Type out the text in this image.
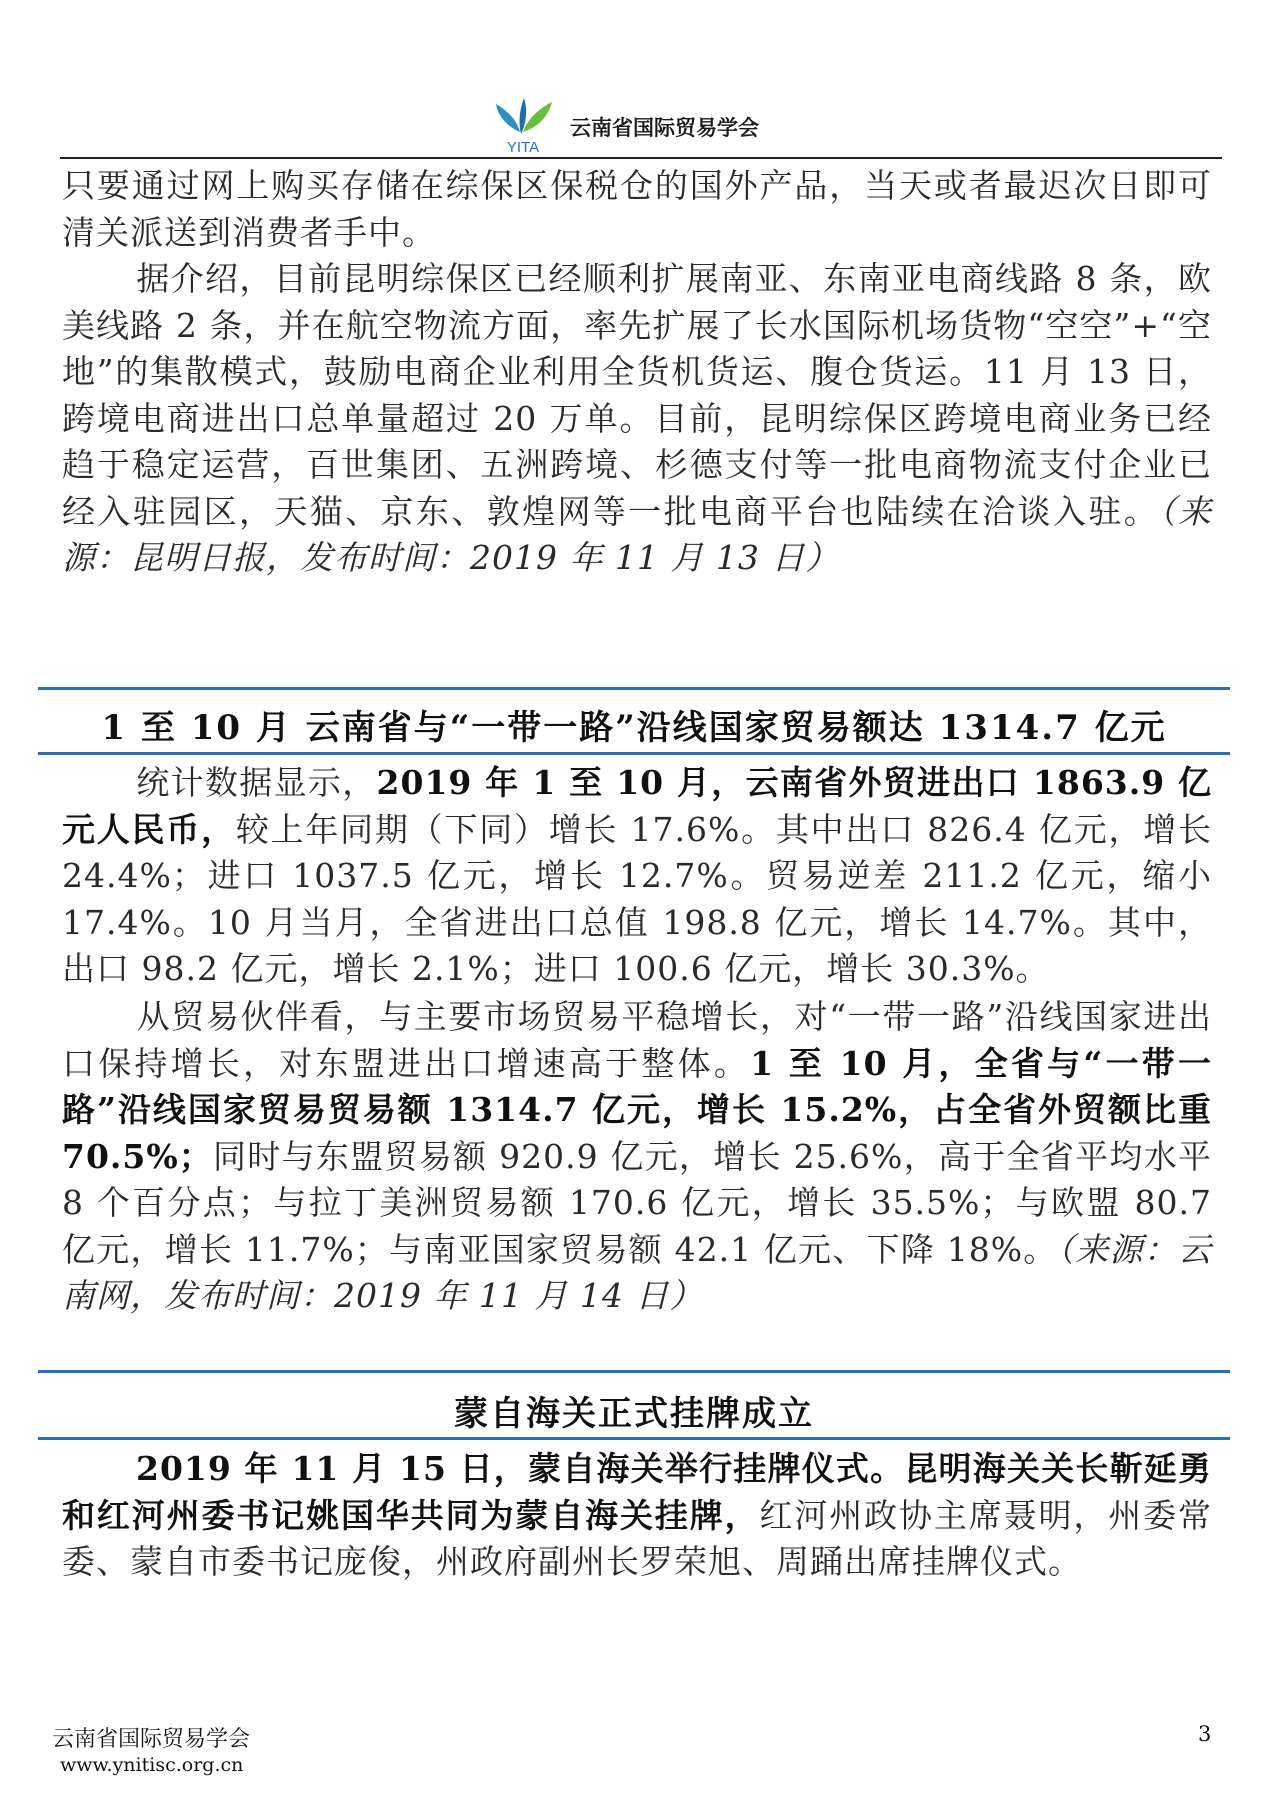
YITA
云南省国际贸易学会

只要通过网上购买存储在综保区保税仓的国外产品，当天或者最迟次日即可清关派送到消费者手中。

据介绍，目前昆明综保区已经顺利扩展南亚、东南亚电商线路 8 条，欧美线路 2 条，并在航空物流方面，率先扩展了长水国际机场货物“空空”+“空地”的集散模式，鼓励电商企业利用全货机货运、腹仓货运。11 月 13 日，跨境电商进出口总单量超过 20 万单。目前，昆明综保区跨境电商业务已经趋于稳定运营，百世集团、五洲跨境、杉德支付等一批电商物流支付企业已经入驻园区，天猫、京东、敦煌网等一批电商平台也陆续在洽谈入驻。（来源：昆明日报，发布时间：2019 年 11 月 13 日）

1 至 10 月 云南省与“一带一路”沿线国家贸易额达 1314.7 亿元

统计数据显示，2019 年 1 至 10 月，云南省外贸进出口 1863.9 亿元人民币，较上年同期（下同）增长 17.6%。其中出口 826.4 亿元，增长 24.4%；进口 1037.5 亿元，增长 12.7%。贸易逆差 211.2 亿元，缩小 17.4%。10 月当月，全省进出口总值 198.8 亿元，增长 14.7%。其中，出口 98.2 亿元，增长 2.1%；进口 100.6 亿元，增长 30.3%。

从贸易伙伴看，与主要市场贸易平稳增长，对“一带一路”沿线国家进出口保持增长，对东盟进出口增速高于整体。1 至 10 月，全省与“一带一路”沿线国家贸易贸易额 1314.7 亿元，增长 15.2%，占全省外贸额比重 70.5%；同时与东盟贸易额 920.9 亿元，增长 25.6%，高于全省平均水平 8 个百分点；与拉丁美洲贸易额 170.6 亿元，增长 35.5%；与欧盟 80.7 亿元，增长 11.7%；与南亚国家贸易额 42.1 亿元、下降 18%。（来源：云南网，发布时间：2019 年 11 月 14 日）

蒙自海关正式挂牌成立

2019 年 11 月 15 日，蒙自海关举行挂牌仪式。昆明海关关长靳延勇和红河州委书记姚国华共同为蒙自海关挂牌，红河州政协主席聂明，州委常委、蒙自市委书记庞俊，州政府副州长罗荣旭、周踊出席挂牌仪式。

云南省国际贸易学会
www.ynitisc.org.cn
3
